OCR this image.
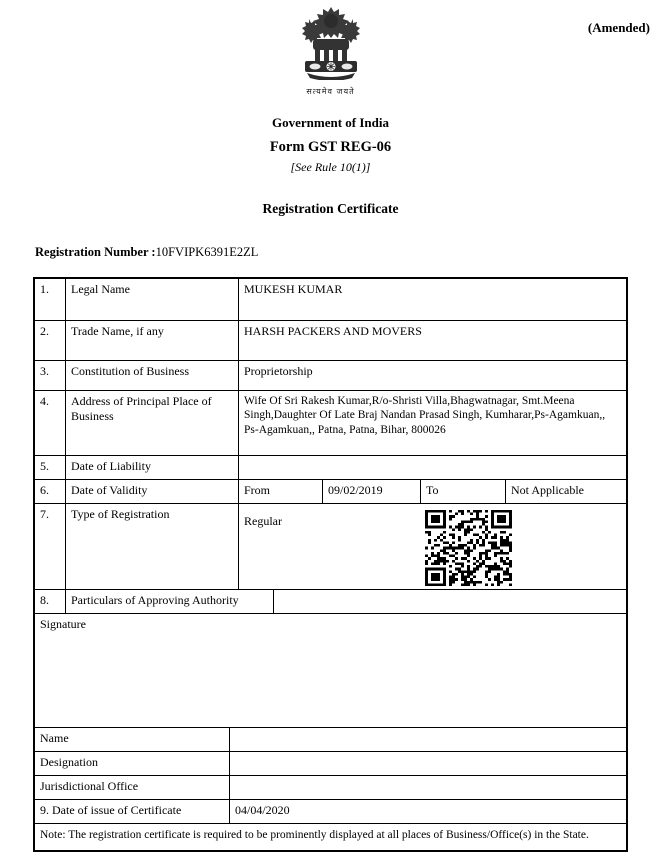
(Amended)
सत्यमेव जयते
Government of India
Form GST REG-06
[See Rule 10(1)]
Registration Certificate
Registration Number :10FVIPK6391E2ZL
1.	Legal Name	MUKESH KUMAR
2.	Trade Name, if any	HARSH PACKERS AND MOVERS
3.	Constitution of Business	Proprietorship
4.	Address of Principal Place of Business
Wife Of Sri Rakesh Kumar,R/o-Shristi Villa,Bhagwatnagar, Smt.Meena Singh,Daughter Of Late Braj Nandan Prasad Singh, Kumharar,Ps-Agamkuan,, Ps-Agamkuan,, Patna, Patna, Bihar, 800026
5.	Date of Liability
6.	Date of Validity	From	09/02/2019	To	Not Applicable
7.	Type of Registration	Regular
8.	Particulars of Approving Authority
Signature
Name
Designation
Jurisdictional Office
9. Date of issue of Certificate	04/04/2020
Note: The registration certificate is required to be prominently displayed at all places of Business/Office(s) in the State.
